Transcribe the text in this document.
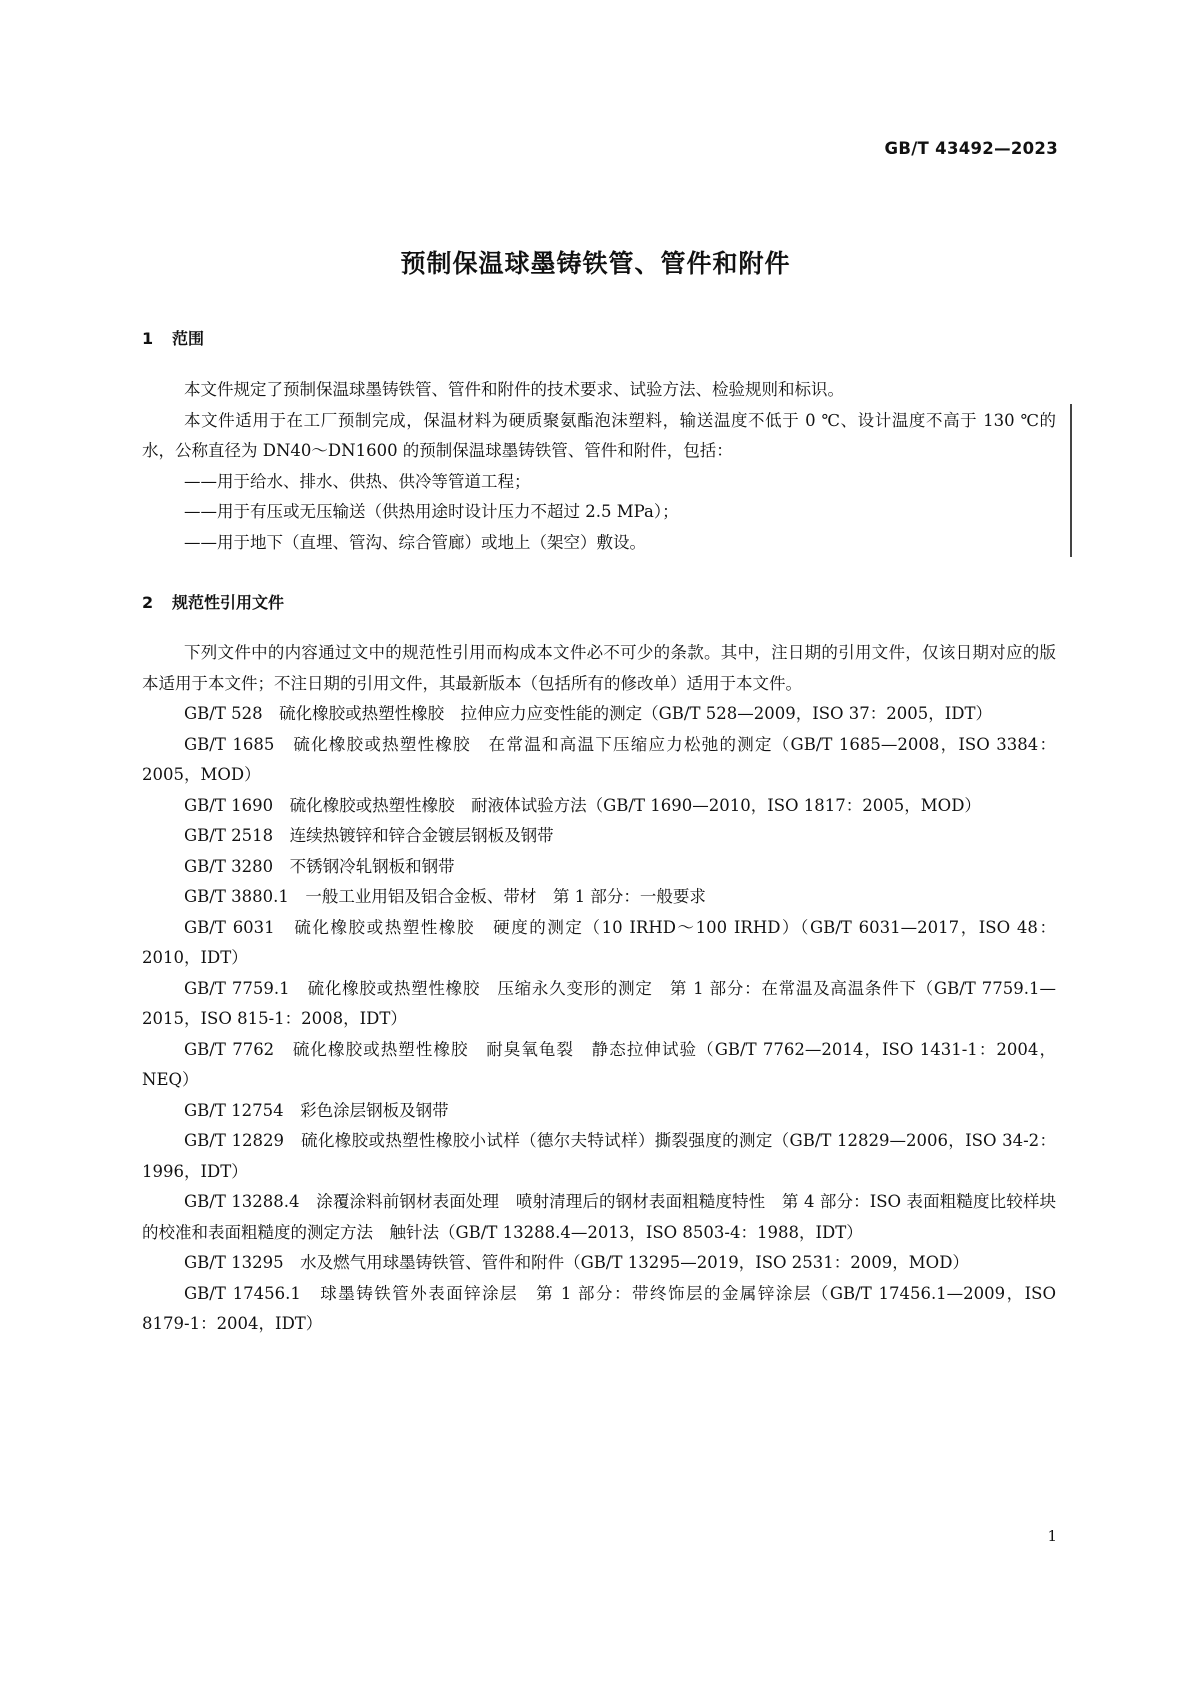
GB/T 43492—2023
预制保温球墨铸铁管、管件和附件
1 范围

本文件规定了预制保温球墨铸铁管、管件和附件的技术要求、试验方法、检验规则和标识。

本文件适用于在工厂预制完成，保温材料为硬质聚氨酯泡沫塑料，输送温度不低于 0 ℃、设计温度不高于 130 ℃的水，公称直径为 DN40～DN1600 的预制保温球墨铸铁管、管件和附件，包括：

——用于给水、排水、供热、供冷等管道工程；

——用于有压或无压输送（供热用途时设计压力不超过 2.5 MPa）；

——用于地下（直埋、管沟、综合管廊）或地上（架空）敷设。

2 规范性引用文件

下列文件中的内容通过文中的规范性引用而构成本文件必不可少的条款。其中，注日期的引用文件，仅该日期对应的版本适用于本文件；不注日期的引用文件，其最新版本（包括所有的修改单）适用于本文件。

GB/T 528　硫化橡胶或热塑性橡胶　拉伸应力应变性能的测定（GB/T 528—2009，ISO 37：2005，IDT）

GB/T 1685　硫化橡胶或热塑性橡胶　在常温和高温下压缩应力松弛的测定（GB/T 1685—2008，ISO 3384：2005，MOD）

GB/T 1690　硫化橡胶或热塑性橡胶　耐液体试验方法（GB/T 1690—2010，ISO 1817：2005，MOD）

GB/T 2518　连续热镀锌和锌合金镀层钢板及钢带

GB/T 3280　不锈钢冷轧钢板和钢带

GB/T 3880.1　一般工业用铝及铝合金板、带材　第 1 部分：一般要求

GB/T 6031　硫化橡胶或热塑性橡胶　硬度的测定（10 IRHD～100 IRHD）（GB/T 6031—2017，ISO 48：2010，IDT）

GB/T 7759.1　硫化橡胶或热塑性橡胶　压缩永久变形的测定　第 1 部分：在常温及高温条件下（GB/T 7759.1—2015，ISO 815-1：2008，IDT）

GB/T 7762　硫化橡胶或热塑性橡胶　耐臭氧龟裂　静态拉伸试验（GB/T 7762—2014，ISO 1431-1：2004，NEQ）

GB/T 12754　彩色涂层钢板及钢带

GB/T 12829　硫化橡胶或热塑性橡胶小试样（德尔夫特试样）撕裂强度的测定（GB/T 12829—2006，ISO 34-2：1996，IDT）

GB/T 13288.4　涂覆涂料前钢材表面处理　喷射清理后的钢材表面粗糙度特性　第 4 部分：ISO 表面粗糙度比较样块的校准和表面粗糙度的测定方法　触针法（GB/T 13288.4—2013，ISO 8503-4：1988，IDT）

GB/T 13295　水及燃气用球墨铸铁管、管件和附件（GB/T 13295—2019，ISO 2531：2009，MOD）

GB/T 17456.1　球墨铸铁管外表面锌涂层　第 1 部分：带终饰层的金属锌涂层（GB/T 17456.1—2009，ISO 8179-1：2004，IDT）

1
